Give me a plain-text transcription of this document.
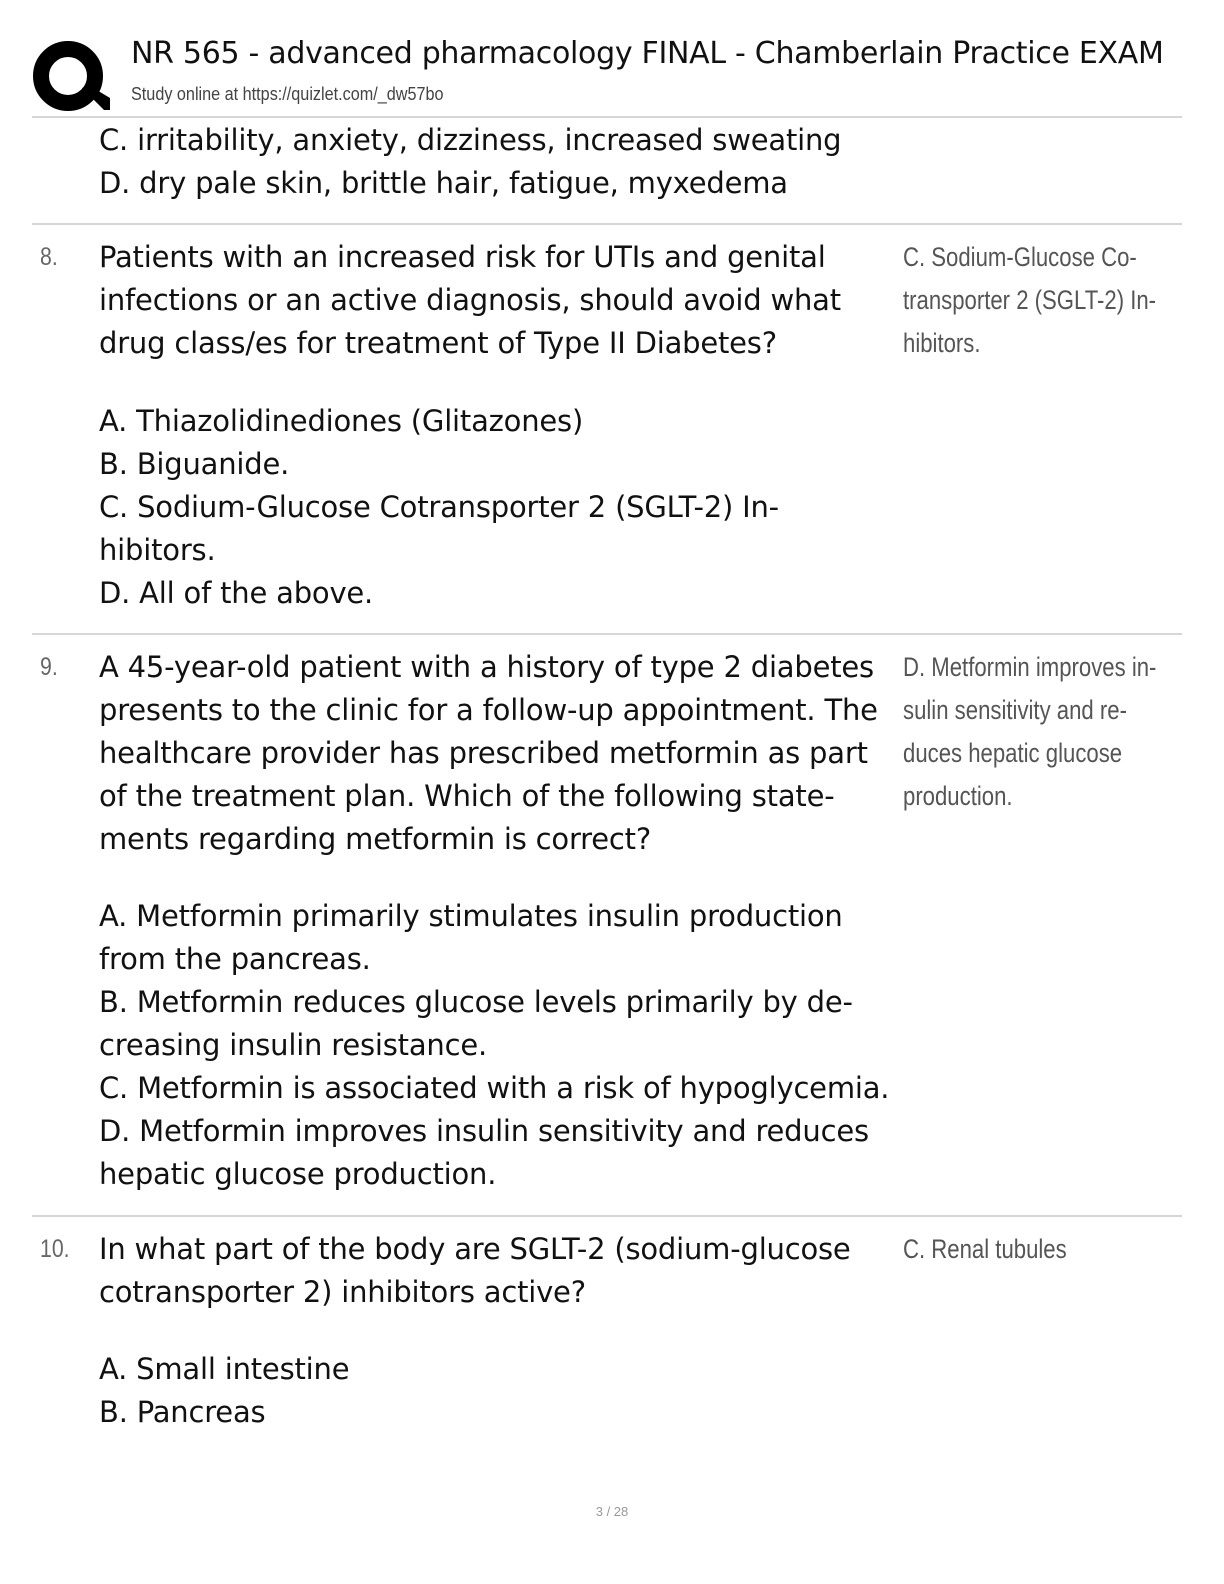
NR 565 - advanced pharmacology FINAL - Chamberlain Practice EXAM
Study online at https://quizlet.com/_dw57bo
C. irritability, anxiety, dizziness, increased sweating
D. dry pale skin, brittle hair, fatigue, myxedema
8. Patients with an increased risk for UTIs and genital
infections or an active diagnosis, should avoid what
drug class/es for treatment of Type II Diabetes?
A. Thiazolidinediones (Glitazones)
B. Biguanide.
C. Sodium-Glucose Cotransporter 2 (SGLT-2) In-
hibitors.
D. All of the above.
C. Sodium-Glucose Co-
transporter 2 (SGLT-2) In-
hibitors.
9. A 45-year-old patient with a history of type 2 diabetes
presents to the clinic for a follow-up appointment. The
healthcare provider has prescribed metformin as part
of the treatment plan. Which of the following state-
ments regarding metformin is correct?
A. Metformin primarily stimulates insulin production
from the pancreas.
B. Metformin reduces glucose levels primarily by de-
creasing insulin resistance.
C. Metformin is associated with a risk of hypoglycemia.
D. Metformin improves insulin sensitivity and reduces
hepatic glucose production.
D. Metformin improves in-
sulin sensitivity and re-
duces hepatic glucose
production.
10. In what part of the body are SGLT-2 (sodium-glucose
cotransporter 2) inhibitors active?
A. Small intestine
B. Pancreas
C. Renal tubules
3 / 28
